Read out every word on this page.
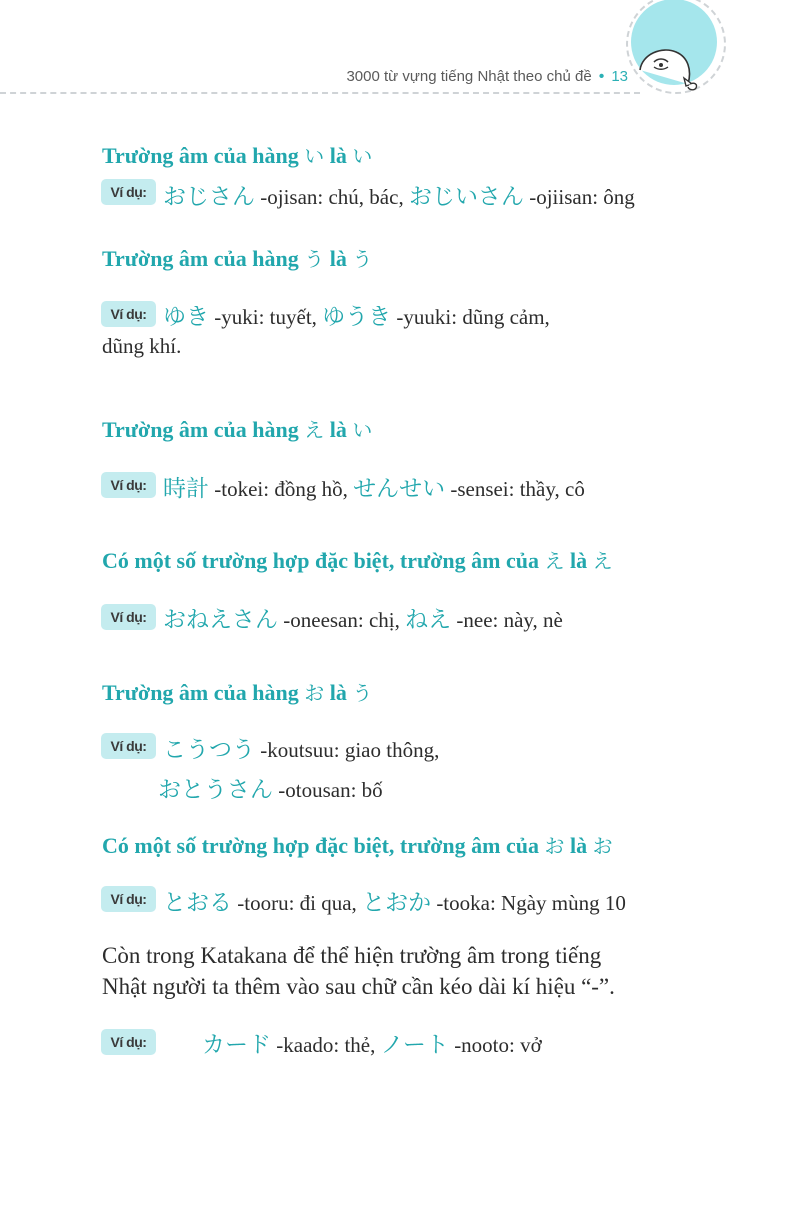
3000 từ vựng tiếng Nhật theo chủ đề • 13
Trường âm của hàng い là い
Ví dụ: おじさん -ojisan: chú, bác, おじいさん -ojiisan: ông
Trường âm của hàng う là う
Ví dụ: ゆき -yuki: tuyết, ゆうき -yuuki: dũng cảm,
dũng khí.
Trường âm của hàng え là い
Ví dụ: 時計 -tokei: đồng hồ, せんせい -sensei: thầy, cô
Có một số trường hợp đặc biệt, trường âm của え là え
Ví dụ: おねえさん -oneesan: chị, ねえ -nee: này, nè
Trường âm của hàng お là う
Ví dụ: こうつう -koutsuu: giao thông,
おとうさん -otousan: bố
Có một số trường hợp đặc biệt, trường âm của お là お
Ví dụ: とおる -tooru: đi qua, とおか -tooka: Ngày mùng 10
Còn trong Katakana để thể hiện trường âm trong tiếng
Nhật người ta thêm vào sau chữ cần kéo dài kí hiệu “-”.
Ví dụ:	カード -kaado: thẻ, ノート -nooto: vở
